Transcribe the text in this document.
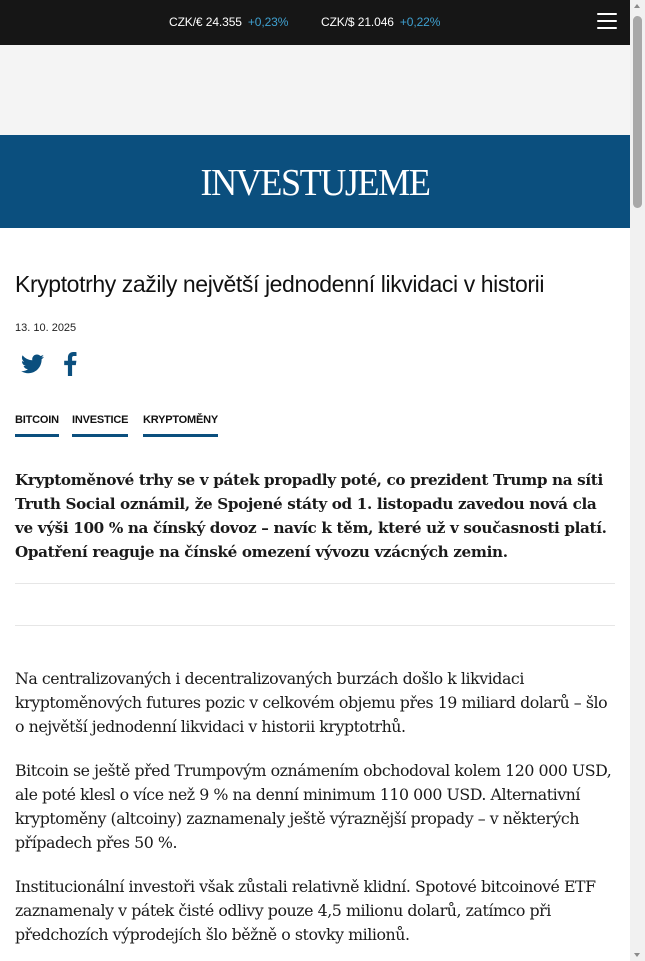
CZK/€ 24.355 +0,23%	CZK/$ 21.046 +0,22%
INVESTUJEME
Kryptotrhy zažily největší jednodenní likvidaci v historii
13. 10. 2025
BITCOIN INVESTICE KRYPTOMĚNY

Kryptoměnové trhy se v pátek propadly poté, co prezident Trump na síti Truth Social oznámil, že Spojené státy od 1. listopadu zavedou nová cla ve výši 100 % na čínský dovoz – navíc k těm, které už v současnosti platí. Opatření reaguje na čínské omezení vývozu vzácných zemin.

Na centralizovaných i decentralizovaných burzách došlo k likvidaci kryptoměnových futures pozic v celkovém objemu přes 19 miliard dolarů – šlo o největší jednodenní likvidaci v historii kryptotrhů.

Bitcoin se ještě před Trumpovým oznámením obchodoval kolem 120 000 USD, ale poté klesl o více než 9 % na denní minimum 110 000 USD. Alternativní kryptoměny (altcoiny) zaznamenaly ještě výraznější propady – v některých případech přes 50 %.

Institucionální investoři však zůstali relativně klidní. Spotové bitcoinové ETF zaznamenaly v pátek čisté odlivy pouze 4,5 milionu dolarů, zatímco při předchozích výprodejích šlo běžně o stovky milionů.
